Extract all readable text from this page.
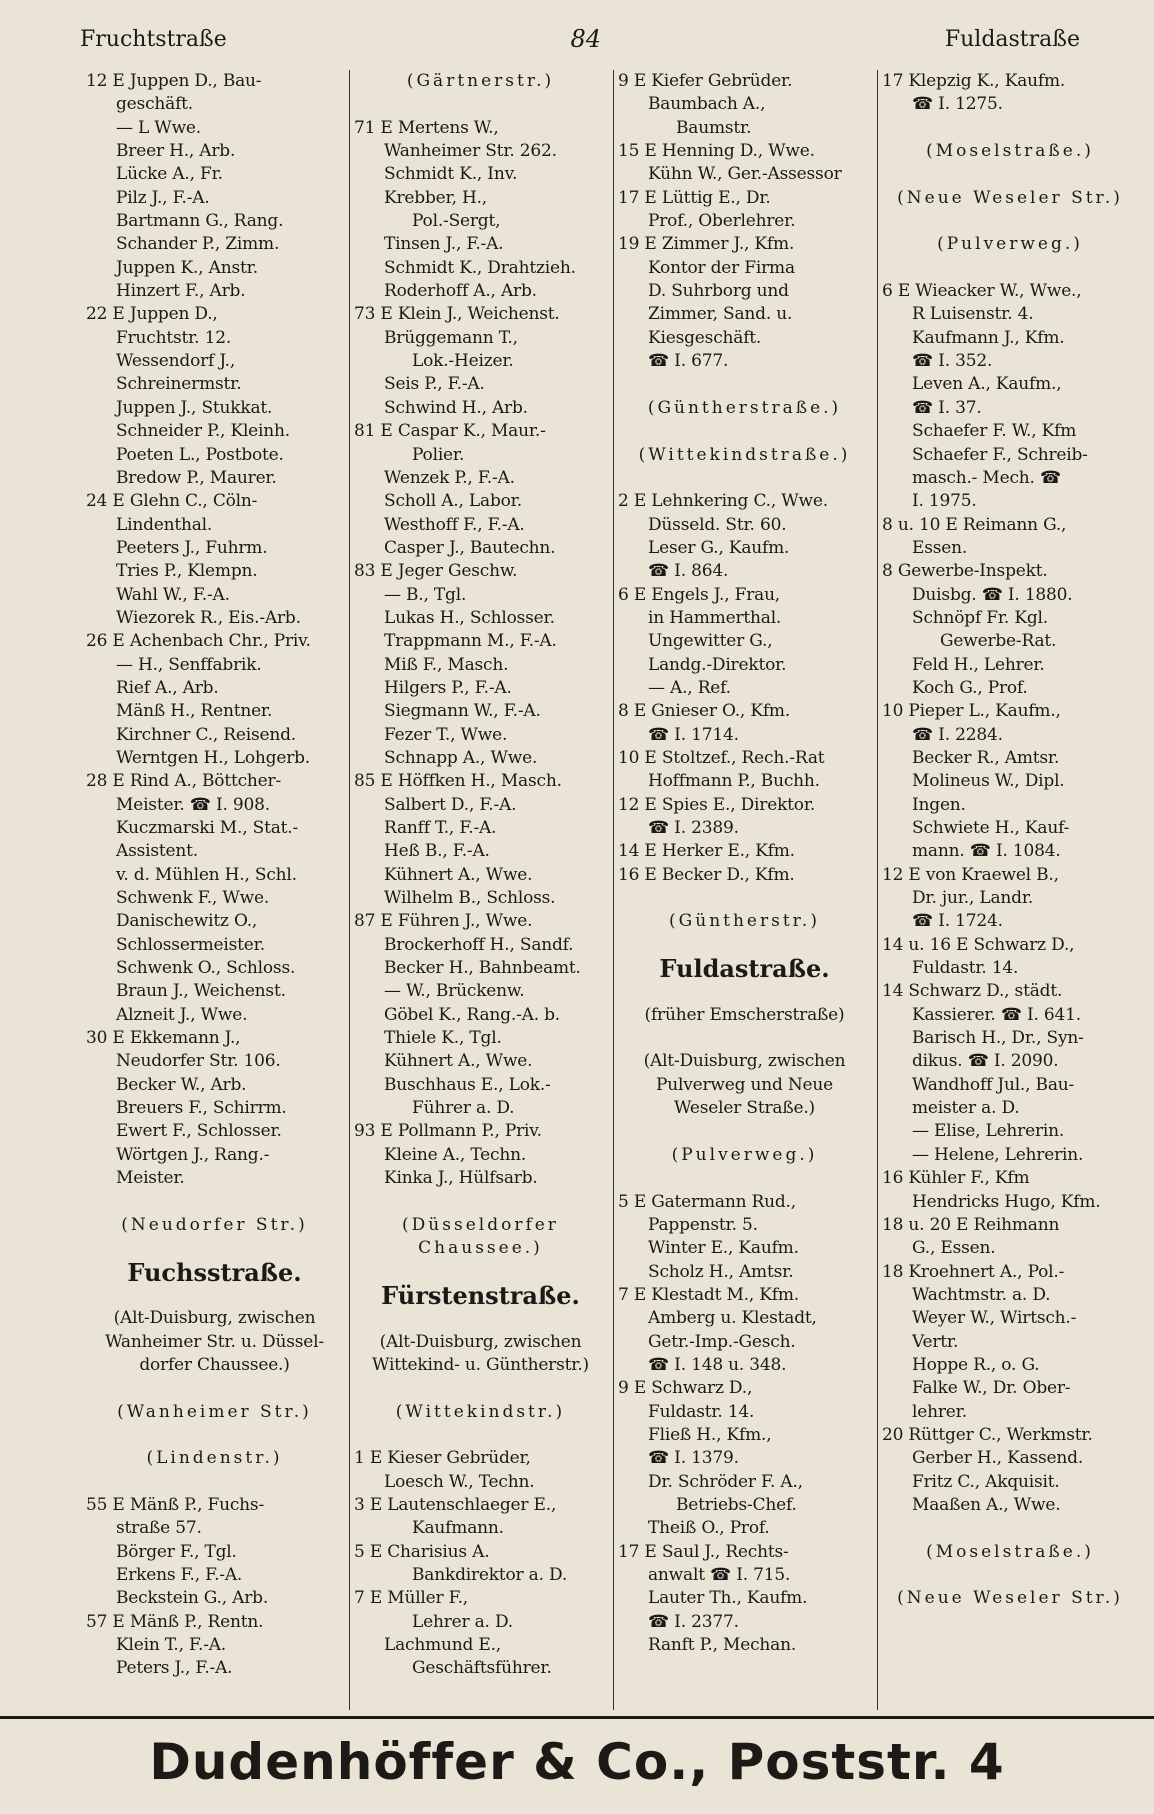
Fruchtstraße	84	Fuldastraße
12 E Juppen D., Bau-
geschäft.
— L Wwe.
Breer H., Arb.
Lücke A., Fr.
Pilz J., F.-A.
Bartmann G., Rang.
Schander P., Zimm.
Juppen K., Anstr.
Hinzert F., Arb.
22 E Juppen D.,
Fruchtstr. 12.
Wessendorf J.,
Schreinermstr.
Juppen J., Stukkat.
Schneider P., Kleinh.
Poeten L., Postbote.
Bredow P., Maurer.
24 E Glehn C., Cöln-
Lindenthal.
Peeters J., Fuhrm.
Tries P., Klempn.
Wahl W., F.-A.
Wiezorek R., Eis.-Arb.
26 E Achenbach Chr., Priv.
— H., Senffabrik.
Rief A., Arb.
Mänß H., Rentner.
Kirchner C., Reisend.
Werntgen H., Lohgerb.
28 E Rind A., Böttcher-
Meister. ☎ I. 908.
Kuczmarski M., Stat.-
Assistent.
v. d. Mühlen H., Schl.
Schwenk F., Wwe.
Danischewitz O.,
Schlossermeister.
Schwenk O., Schloss.
Braun J., Weichenst.
Alzneit J., Wwe.
30 E Ekkemann J.,
Neudorfer Str. 106.
Becker W., Arb.
Breuers F., Schirrm.
Ewert F., Schlosser.
Wörtgen J., Rang.-
Meister.
(Neudorfer Str.)
Fuchsstraße.
(Alt-Duisburg, zwischen
Wanheimer Str. u. Düssel-
dorfer Chaussee.)
(Wanheimer Str.)
(Lindenstr.)
55 E Mänß P., Fuchs-
straße 57.
Börger F., Tgl.
Erkens F., F.-A.
Beckstein G., Arb.
57 E Mänß P., Rentn.
Klein T., F.-A.
Peters J., F.-A.
(Gärtnerstr.)
71 E Mertens W.,
Wanheimer Str. 262.
Schmidt K., Inv.
Krebber, H.,
Pol.-Sergt,
Tinsen J., F.-A.
Schmidt K., Drahtzieh.
Roderhoff A., Arb.
73 E Klein J., Weichenst.
Brüggemann T.,
Lok.-Heizer.
Seis P., F.-A.
Schwind H., Arb.
81 E Caspar K., Maur.-
Polier.
Wenzek P., F.-A.
Scholl A., Labor.
Westhoff F., F.-A.
Casper J., Bautechn.
83 E Jeger Geschw.
— B., Tgl.
Lukas H., Schlosser.
Trappmann M., F.-A.
Miß F., Masch.
Hilgers P., F.-A.
Siegmann W., F.-A.
Fezer T., Wwe.
Schnapp A., Wwe.
85 E Höffken H., Masch.
Salbert D., F.-A.
Ranff T., F.-A.
Heß B., F.-A.
Kühnert A., Wwe.
Wilhelm B., Schloss.
87 E Führen J., Wwe.
Brockerhoff H., Sandf.
Becker H., Bahnbeamt.
— W., Brückenw.
Göbel K., Rang.-A. b.
Thiele K., Tgl.
Kühnert A., Wwe.
Buschhaus E., Lok.-
Führer a. D.
93 E Pollmann P., Priv.
Kleine A., Techn.
Kinka J., Hülfsarb.
(Düsseldorfer
Chaussee.)
Fürstenstraße.
(Alt-Duisburg, zwischen
Wittekind- u. Güntherstr.)
(Wittekindstr.)
1 E Kieser Gebrüder,
Loesch W., Techn.
3 E Lautenschlaeger E.,
Kaufmann.
5 E Charisius A.
Bankdirektor a. D.
7 E Müller F.,
Lehrer a. D.
Lachmund E.,
Geschäftsführer.
9 E Kiefer Gebrüder.
Baumbach A.,
Baumstr.
15 E Henning D., Wwe.
Kühn W., Ger.-Assessor
17 E Lüttig E., Dr.
Prof., Oberlehrer.
19 E Zimmer J., Kfm.
Kontor der Firma
D. Suhrborg und
Zimmer, Sand. u.
Kiesgeschäft.
☎ I. 677.
(Güntherstraße.)
(Wittekindstraße.)
2 E Lehnkering C., Wwe.
Düsseld. Str. 60.
Leser G., Kaufm.
☎ I. 864.
6 E Engels J., Frau,
in Hammerthal.
Ungewitter G.,
Landg.-Direktor.
— A., Ref.
8 E Gnieser O., Kfm.
☎ I. 1714.
10 E Stoltzef., Rech.-Rat
Hoffmann P., Buchh.
12 E Spies E., Direktor.
☎ I. 2389.
14 E Herker E., Kfm.
16 E Becker D., Kfm.
(Güntherstr.)
Fuldastraße.
(früher Emscherstraße)
(Alt-Duisburg, zwischen
Pulverweg und Neue
Weseler Straße.)
(Pulverweg.)
5 E Gatermann Rud.,
Pappenstr. 5.
Winter E., Kaufm.
Scholz H., Amtsr.
7 E Klestadt M., Kfm.
Amberg u. Klestadt,
Getr.-Imp.-Gesch.
☎ I. 148 u. 348.
9 E Schwarz D.,
Fuldastr. 14.
Fließ H., Kfm.,
☎ I. 1379.
Dr. Schröder F. A.,
Betriebs-Chef.
Theiß O., Prof.
17 E Saul J., Rechts-
anwalt ☎ I. 715.
Lauter Th., Kaufm.
☎ I. 2377.
Ranft P., Mechan.
17 Klepzig K., Kaufm.
☎ I. 1275.
(Moselstraße.)
(Neue Weseler Str.)
(Pulverweg.)
6 E Wieacker W., Wwe.,
R Luisenstr. 4.
Kaufmann J., Kfm.
☎ I. 352.
Leven A., Kaufm.,
☎ I. 37.
Schaefer F. W., Kfm
Schaefer F., Schreib-
masch.- Mech. ☎
I. 1975.
8 u. 10 E Reimann G.,
Essen.
8 Gewerbe-Inspekt.
Duisbg. ☎ I. 1880.
Schnöpf Fr. Kgl.
Gewerbe-Rat.
Feld H., Lehrer.
Koch G., Prof.
10 Pieper L., Kaufm.,
☎ I. 2284.
Becker R., Amtsr.
Molineus W., Dipl.
Ingen.
Schwiete H., Kauf-
mann. ☎ I. 1084.
12 E von Kraewel B.,
Dr. jur., Landr.
☎ I. 1724.
14 u. 16 E Schwarz D.,
Fuldastr. 14.
14 Schwarz D., städt.
Kassierer. ☎ I. 641.
Barisch H., Dr., Syn-
dikus. ☎ I. 2090.
Wandhoff Jul., Bau-
meister a. D.
— Elise, Lehrerin.
— Helene, Lehrerin.
16 Kühler F., Kfm
Hendricks Hugo, Kfm.
18 u. 20 E Reihmann
G., Essen.
18 Kroehnert A., Pol.-
Wachtmstr. a. D.
Weyer W., Wirtsch.-
Vertr.
Hoppe R., o. G.
Falke W., Dr. Ober-
lehrer.
20 Rüttger C., Werkmstr.
Gerber H., Kassend.
Fritz C., Akquisit.
Maaßen A., Wwe.
(Moselstraße.)
(Neue Weseler Str.)
Dudenhöffer & Co., Poststr. 4
